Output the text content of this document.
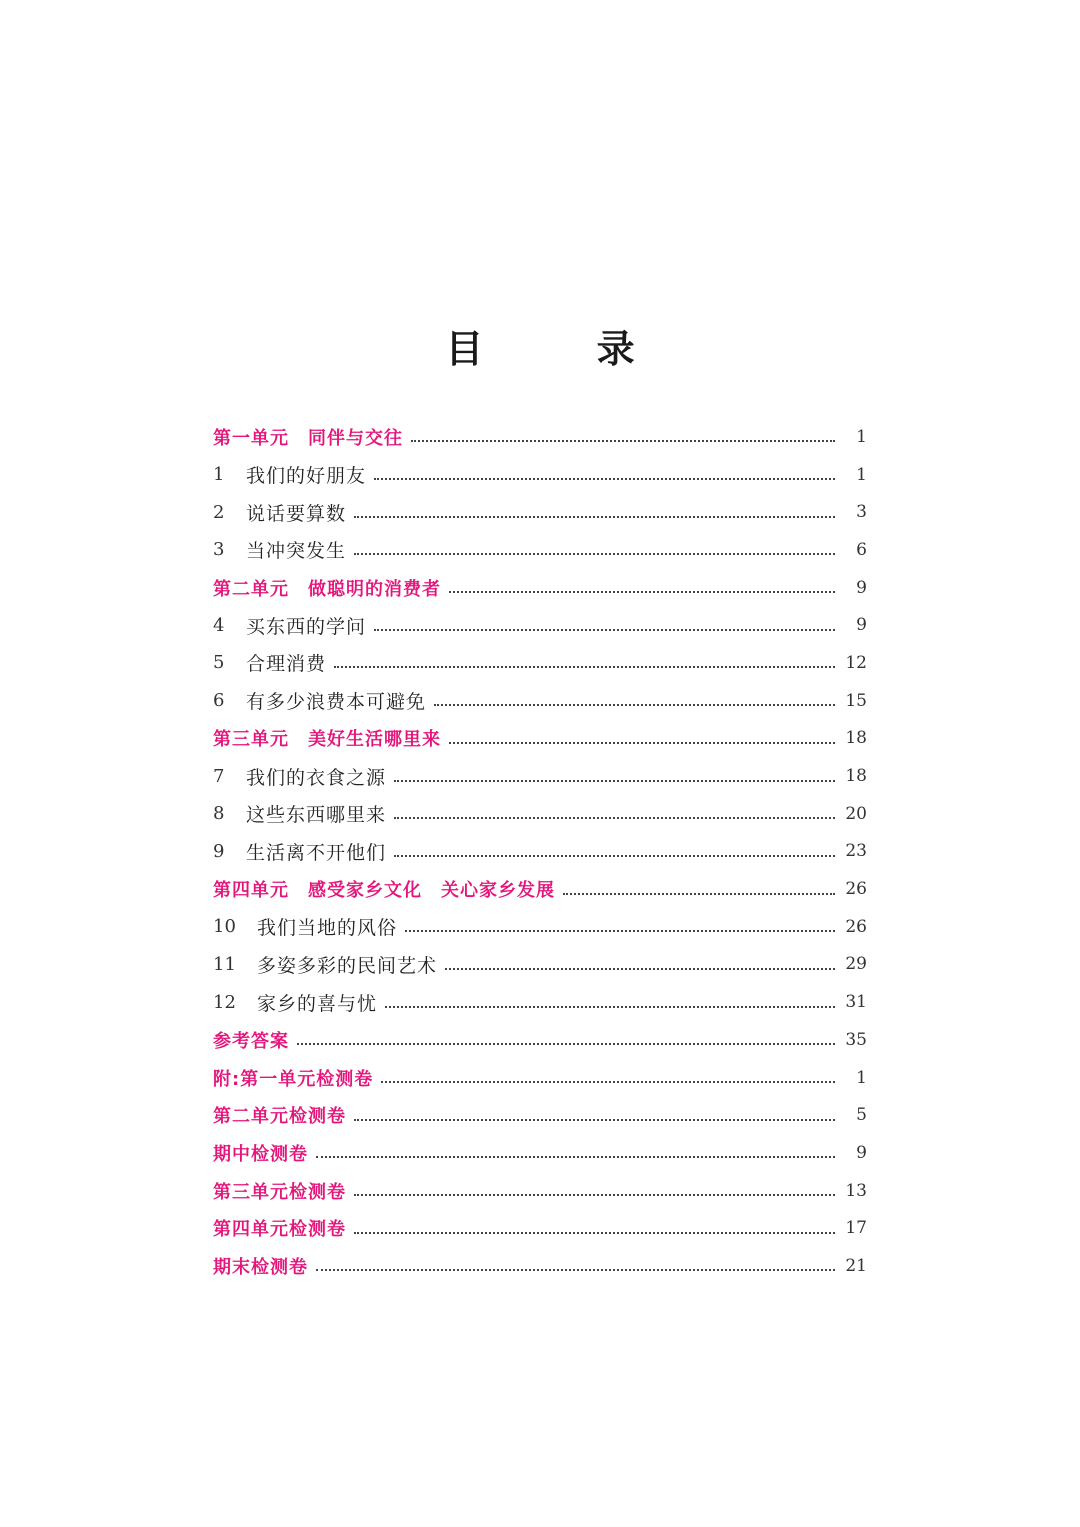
目 录
第一单元　同伴与交往	1
1	我们的好朋友	1
2	说话要算数	3
3	当冲突发生	6
第二单元　做聪明的消费者	9
4	买东西的学问	9
5	合理消费	12
6	有多少浪费本可避免	15
第三单元　美好生活哪里来	18
7	我们的衣食之源	18
8	这些东西哪里来	20
9	生活离不开他们	23
第四单元　感受家乡文化　关心家乡发展	26
10	我们当地的风俗	26
11	多姿多彩的民间艺术	29
12	家乡的喜与忧	31
参考答案	35
附:第一单元检测卷	1
第二单元检测卷	5
期中检测卷	9
第三单元检测卷	13
第四单元检测卷	17
期末检测卷	21
